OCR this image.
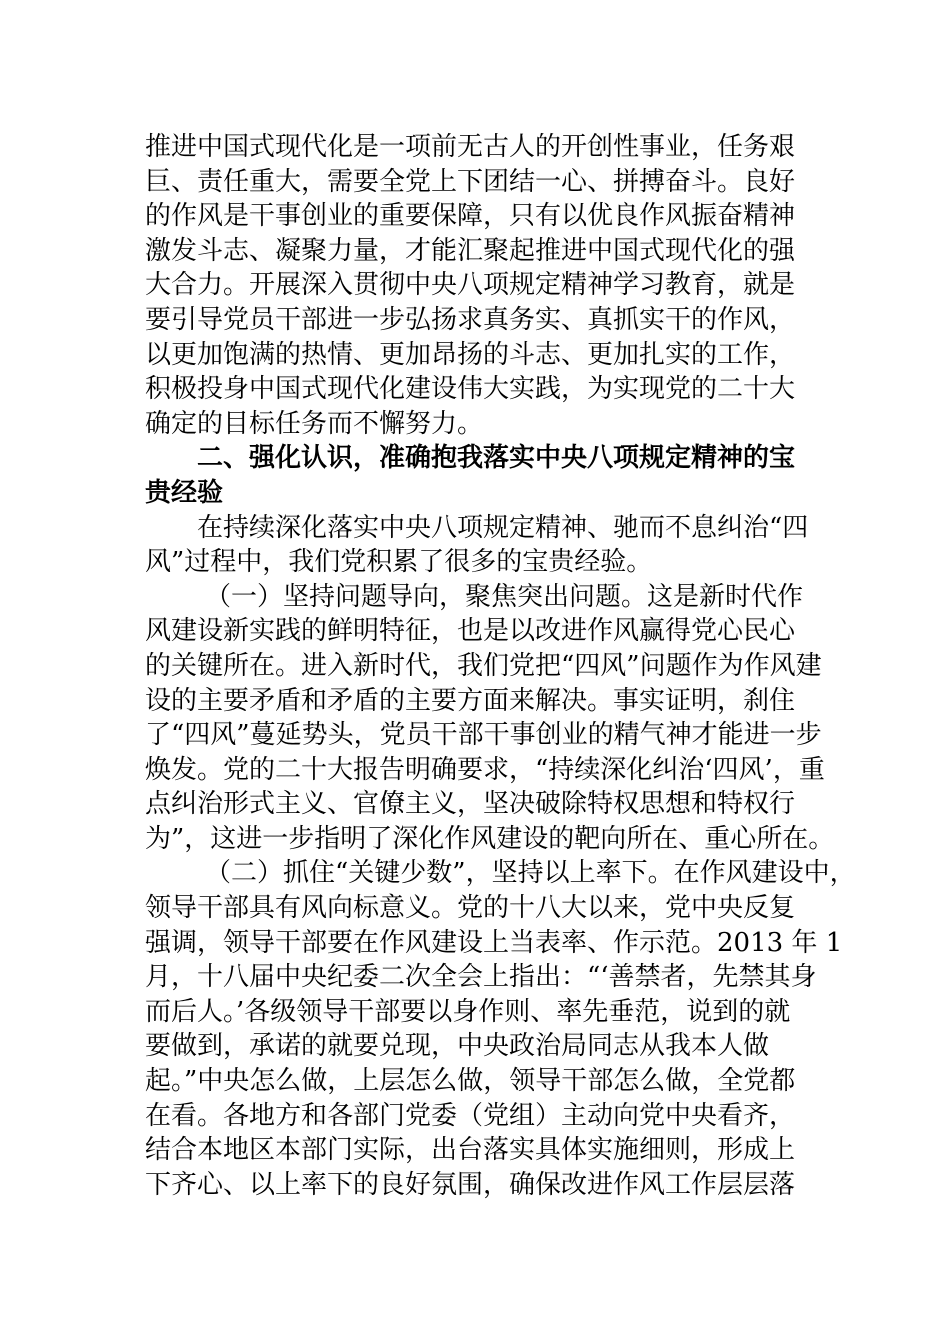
推进中国式现代化是一项前无古人的开创性事业，任务艰
巨、责任重大，需要全党上下团结一心、拼搏奋斗。良好
的作风是干事创业的重要保障，只有以优良作风振奋精神
激发斗志、凝聚力量，才能汇聚起推进中国式现代化的强
大合力。开展深入贯彻中央八项规定精神学习教育，就是
要引导党员干部进一步弘扬求真务实、真抓实干的作风，
以更加饱满的热情、更加昂扬的斗志、更加扎实的工作，
积极投身中国式现代化建设伟大实践，为实现党的二十大
确定的目标任务而不懈努力。
二、强化认识，准确抱我落实中央八项规定精神的宝
贵经验
在持续深化落实中央八项规定精神、驰而不息纠治“四
风”过程中，我们党积累了很多的宝贵经验。
（一）坚持问题导向，聚焦突出问题。这是新时代作
风建设新实践的鲜明特征，也是以改进作风赢得党心民心
的关键所在。进入新时代，我们党把“四风”问题作为作风建
设的主要矛盾和矛盾的主要方面来解决。事实证明，刹住
了“四风”蔓延势头，党员干部干事创业的精气神才能进一步
焕发。党的二十大报告明确要求，“持续深化纠治‘四风’，重
点纠治形式主义、官僚主义，坚决破除特权思想和特权行
为”，这进一步指明了深化作风建设的靶向所在、重心所在。
（二）抓住“关键少数”，坚持以上率下。在作风建设中，
领导干部具有风向标意义。党的十八大以来，党中央反复
强调，领导干部要在作风建设上当表率、作示范。2013 年 1
月，十八届中央纪委二次全会上指出：“‘善禁者，先禁其身
而后人。’各级领导干部要以身作则、率先垂范，说到的就
要做到，承诺的就要兑现，中央政治局同志从我本人做
起。”中央怎么做，上层怎么做，领导干部怎么做，全党都
在看。各地方和各部门党委（党组）主动向党中央看齐，
结合本地区本部门实际，出台落实具体实施细则，形成上
下齐心、以上率下的良好氛围，确保改进作风工作层层落
